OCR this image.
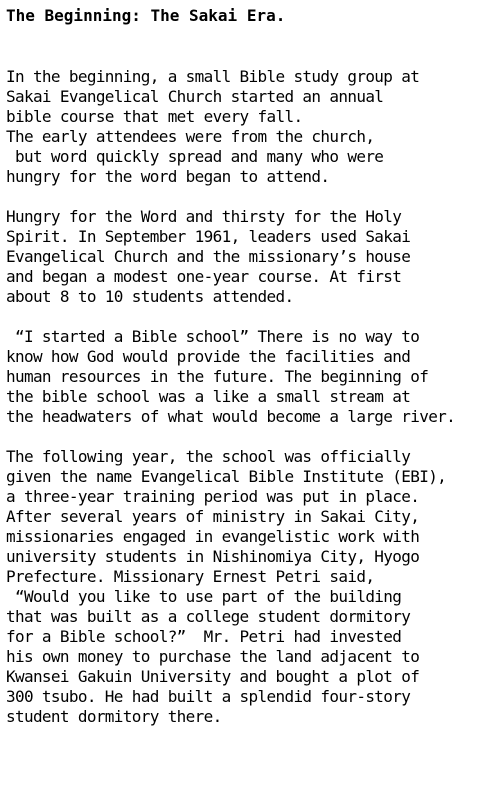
The Beginning: The Sakai Era.

In the beginning, a small Bible study group at
Sakai Evangelical Church started an annual
bible course that met every fall.
The early attendees were from the church,
but word quickly spread and many who were
hungry for the word began to attend.

Hungry for the Word and thirsty for the Holy
Spirit. In September 1961, leaders used Sakai
Evangelical Church and the missionary’s house
and began a modest one-year course. At first
about 8 to 10 students attended.

“I started a Bible school” There is no way to
know how God would provide the facilities and
human resources in the future. The beginning of
the bible school was a like a small stream at
the headwaters of what would become a large river.

The following year, the school was officially
given the name Evangelical Bible Institute (EBI),
a three-year training period was put in place.
After several years of ministry in Sakai City,
missionaries engaged in evangelistic work with
university students in Nishinomiya City, Hyogo
Prefecture. Missionary Ernest Petri said,
“Would you like to use part of the building
that was built as a college student dormitory
for a Bible school?”  Mr. Petri had invested
his own money to purchase the land adjacent to
Kwansei Gakuin University and bought a plot of
300 tsubo. He had built a splendid four-story
student dormitory there.
